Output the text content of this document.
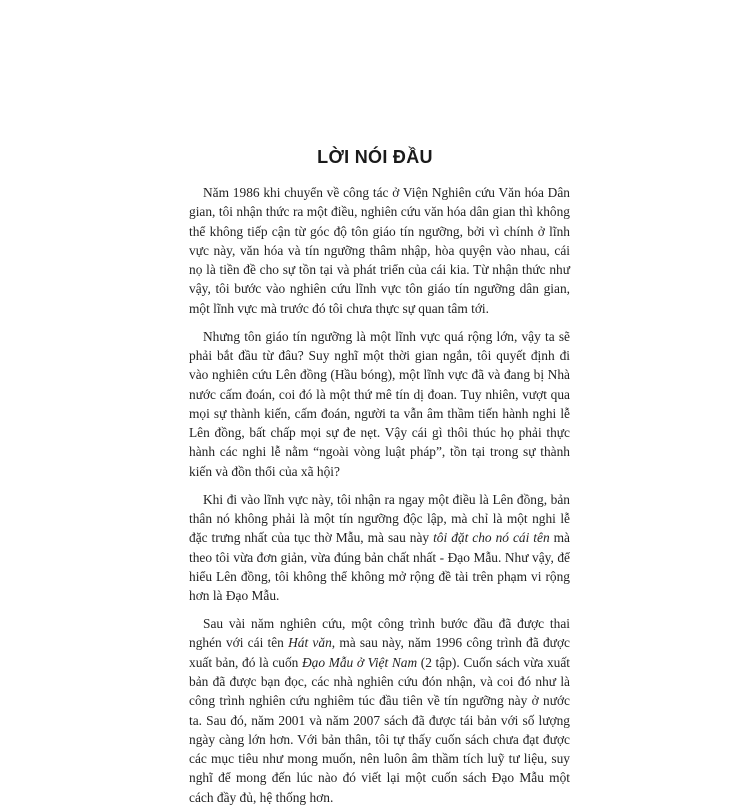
LỜI NÓI ĐẦU

Năm 1986 khi chuyển về công tác ở Viện Nghiên cứu Văn hóa Dân gian, tôi nhận thức ra một điều, nghiên cứu văn hóa dân gian thì không thể không tiếp cận từ góc độ tôn giáo tín ngưỡng, bởi vì chính ở lĩnh vực này, văn hóa và tín ngưỡng thâm nhập, hòa quyện vào nhau, cái nọ là tiền đề cho sự tồn tại và phát triển của cái kia. Từ nhận thức như vậy, tôi bước vào nghiên cứu lĩnh vực tôn giáo tín ngưỡng dân gian, một lĩnh vực mà trước đó tôi chưa thực sự quan tâm tới.

Nhưng tôn giáo tín ngưỡng là một lĩnh vực quá rộng lớn, vậy ta sẽ phải bắt đầu từ đâu? Suy nghĩ một thời gian ngắn, tôi quyết định đi vào nghiên cứu Lên đồng (Hầu bóng), một lĩnh vực đã và đang bị Nhà nước cấm đoán, coi đó là một thứ mê tín dị đoan. Tuy nhiên, vượt qua mọi sự thành kiến, cấm đoán, người ta vẫn âm thầm tiến hành nghi lễ Lên đồng, bất chấp mọi sự đe nẹt. Vậy cái gì thôi thúc họ phải thực hành các nghi lễ nằm “ngoài vòng luật pháp”, tồn tại trong sự thành kiến và đồn thổi của xã hội?

Khi đi vào lĩnh vực này, tôi nhận ra ngay một điều là Lên đồng, bản thân nó không phải là một tín ngưỡng độc lập, mà chỉ là một nghi lễ đặc trưng nhất của tục thờ Mẫu, mà sau này tôi đặt cho nó cái tên mà theo tôi vừa đơn giản, vừa đúng bản chất nhất - Đạo Mẫu. Như vậy, để hiểu Lên đồng, tôi không thể không mở rộng đề tài trên phạm vi rộng hơn là Đạo Mẫu.

Sau vài năm nghiên cứu, một công trình bước đầu đã được thai nghén với cái tên Hát văn, mà sau này, năm 1996 công trình đã được xuất bản, đó là cuốn Đạo Mẫu ở Việt Nam (2 tập). Cuốn sách vừa xuất bản đã được bạn đọc, các nhà nghiên cứu đón nhận, và coi đó như là công trình nghiên cứu nghiêm túc đầu tiên về tín ngưỡng này ở nước ta. Sau đó, năm 2001 và năm 2007 sách đã được tái bản với số lượng ngày càng lớn hơn. Với bản thân, tôi tự thấy cuốn sách chưa đạt được các mục tiêu như mong muốn, nên luôn âm thầm tích luỹ tư liệu, suy nghĩ để mong đến lúc nào đó viết lại một cuốn sách Đạo Mẫu một cách đầy đủ, hệ thống hơn.
